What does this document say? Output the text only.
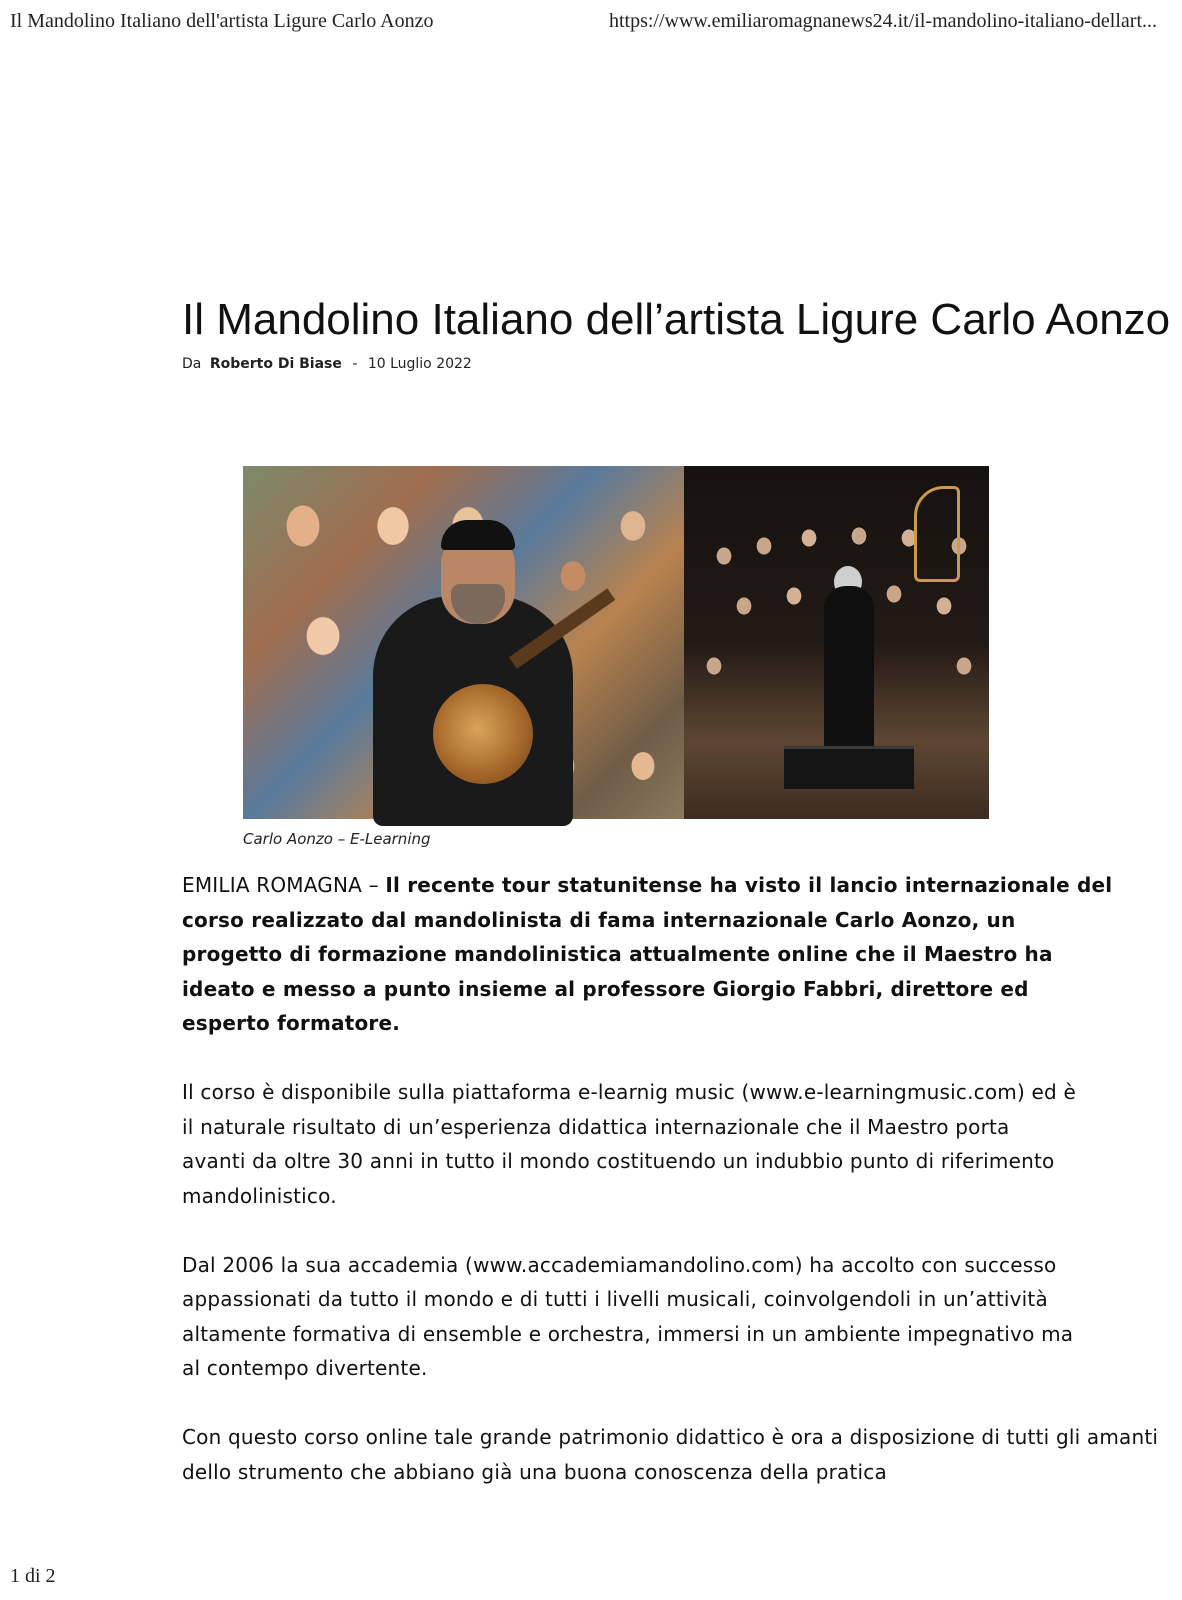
Il Mandolino Italiano dell'artista Ligure Carlo Aonzo	https://www.emiliaromagnanews24.it/il-mandolino-italiano-dellart...
Il Mandolino Italiano dell’artista Ligure Carlo Aonzo
Da Roberto Di Biase - 10 Luglio 2022
Carlo Aonzo – E-Learning

EMILIA ROMAGNA – Il recente tour statunitense ha visto il lancio internazionale del
corso realizzato dal mandolinista di fama internazionale Carlo Aonzo, un
progetto di formazione mandolinistica attualmente online che il Maestro ha
ideato e messo a punto insieme al professore Giorgio Fabbri, direttore ed
esperto formatore.

Il corso è disponibile sulla piattaforma e-learnig music (www.e-learningmusic.com) ed è
il naturale risultato di un’esperienza didattica internazionale che il Maestro porta
avanti da oltre 30 anni in tutto il mondo costituendo un indubbio punto di riferimento
mandolinistico.

Dal 2006 la sua accademia (www.accademiamandolino.com) ha accolto con successo
appassionati da tutto il mondo e di tutti i livelli musicali, coinvolgendoli in un’attività
altamente formativa di ensemble e orchestra, immersi in un ambiente impegnativo ma
al contempo divertente.

Con questo corso online tale grande patrimonio didattico è ora a disposizione di tutti gli amanti
dello strumento che abbiano già una buona conoscenza della pratica

1 di 2
